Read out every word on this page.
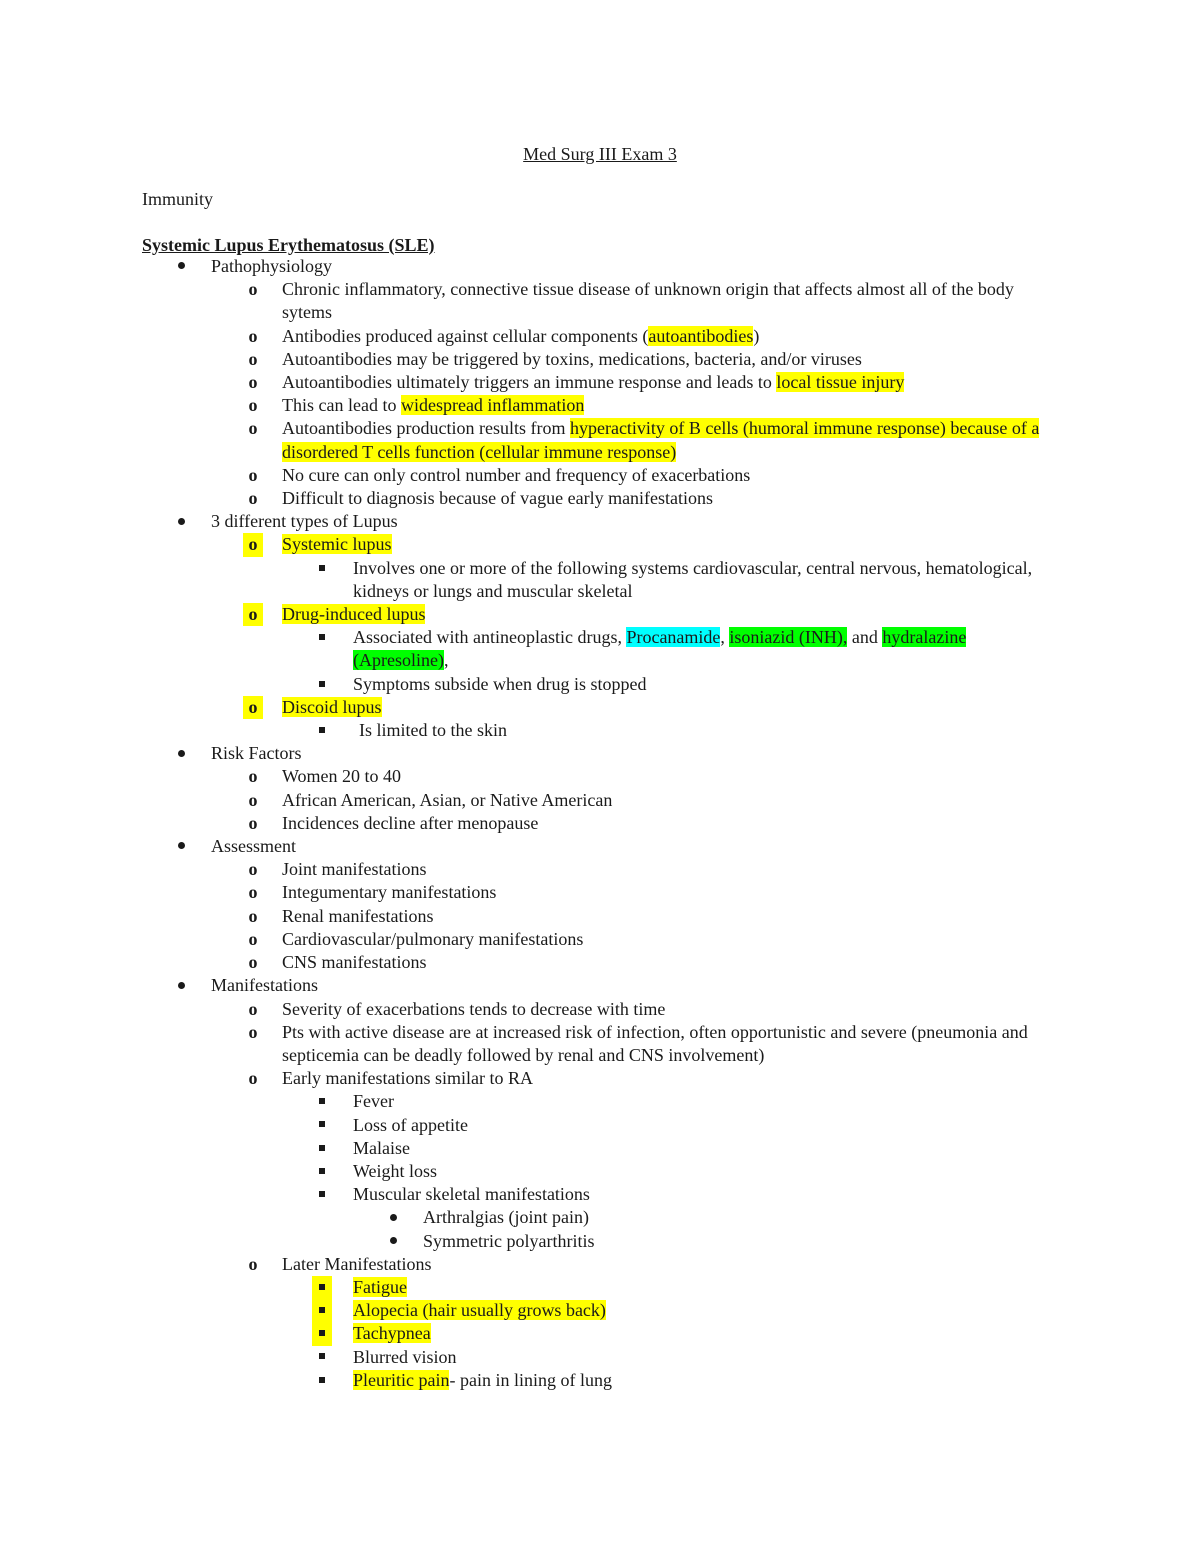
Med Surg III Exam 3
Immunity
Systemic Lupus Erythematosus (SLE)
Pathophysiology
o	Chronic inflammatory, connective tissue disease of unknown origin that affects almost all of the body sytems
o	Antibodies produced against cellular components (autoantibodies)
o	Autoantibodies may be triggered by toxins, medications, bacteria, and/or viruses
o	Autoantibodies ultimately triggers an immune response and leads to local tissue injury
o	This can lead to widespread inflammation
o	Autoantibodies production results from hyperactivity of B cells (humoral immune response) because of a disordered T cells function (cellular immune response)
o	No cure can only control number and frequency of exacerbations
o	Difficult to diagnosis because of vague early manifestations
3 different types of Lupus
o	Systemic lupus
Involves one or more of the following systems cardiovascular, central nervous, hematological, kidneys or lungs and muscular skeletal
o	Drug-induced lupus
Associated with antineoplastic drugs, Procanamide, isoniazid (INH), and hydralazine (Apresoline),
Symptoms subside when drug is stopped
o	Discoid lupus
Is limited to the skin
Risk Factors
o	Women 20 to 40
o	African American, Asian, or Native American
o	Incidences decline after menopause
Assessment
o	Joint manifestations
o	Integumentary manifestations
o	Renal manifestations
o	Cardiovascular/pulmonary manifestations
o	CNS manifestations
Manifestations
o	Severity of exacerbations tends to decrease with time
o	Pts with active disease are at increased risk of infection, often opportunistic and severe (pneumonia and septicemia can be deadly followed by renal and CNS involvement)
o	Early manifestations similar to RA
Fever
Loss of appetite
Malaise
Weight loss
Muscular skeletal manifestations
Arthralgias (joint pain)
Symmetric polyarthritis
o	Later Manifestations
Fatigue
Alopecia (hair usually grows back)
Tachypnea
Blurred vision
Pleuritic pain- pain in lining of lung
